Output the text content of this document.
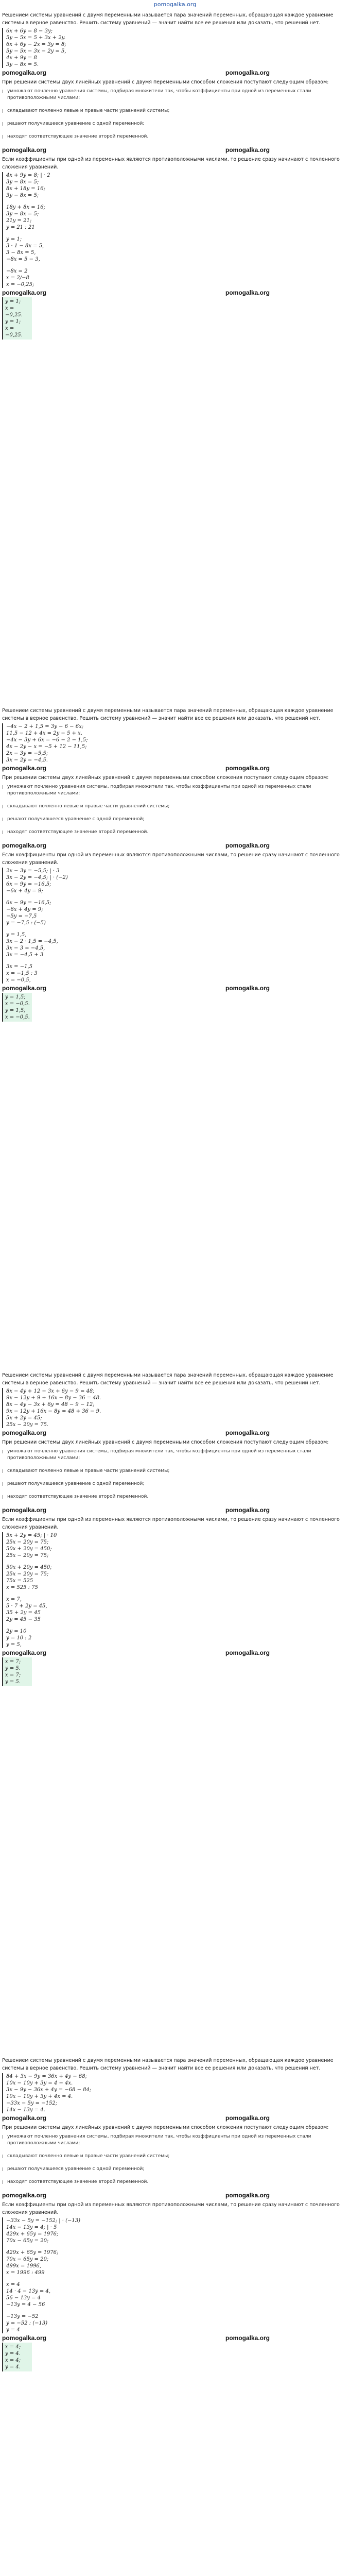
pomogalka.org

Решением системы уравнений с двумя переменными называется пара значений переменных, обращающая каждое уравнение системы в верное равенство. Решить систему уравнений — значит найти все ее решения или доказать, что решений нет.

6x + 6y = 8 − 3y;
5y − 5x = 5 + 3x + 2y.
6x + 6y − 2x = 3y = 8;
5y − 5x − 3x − 2y = 5,
4x + 9y = 8
3y − 8x = 5.
pomogalka.org	pomogalka.org

При решении системы двух линейных уравнений с двумя переменными способом сложения поступают следующим образом:

умножают почленно уравнения системы, подбирая множители так, чтобы коэффициенты при одной из переменных стали противоположными числами;
складывают почленно левые и правые части уравнений системы;
решают получившееся уравнение с одной переменной;
находят соответствующее значение второй переменной.
pomogalka.org	pomogalka.org

Если коэффициенты при одной из переменных являются противоположными числами, то решение сразу начинают с почленного сложения уравнений.

4x + 9y = 8; | · 2
3y − 8x = 5;
8x + 18y = 16;
3y − 8x = 5;
18y + 8x = 16;
3y − 8x = 5;
21y = 21;
y = 21 : 21
y = 1;
3 · 1 − 8x = 5,
3 − 8x = 5,
−8x = 5 − 3,
−8x = 2
x = 2/−8
x = −0,25;
pomogalka.org	pomogalka.org
y = 1;
x = −0,25.
y = 1;
x = −0,25.

Решением системы уравнений с двумя переменными называется пара значений переменных, обращающая каждое уравнение системы в верное равенство. Решить систему уравнений — значит найти все ее решения или доказать, что решений нет.

−4x − 2 + 1,5 = 3y − 6 − 6x;
11,5 − 12 + 4x = 2y − 5 + x.
−4x − 3y + 6x = −6 − 2 − 1,5;
4x − 2y − x = −5 + 12 − 11,5;
2x − 3y = −5,5;
3x − 2y = −4,5.
pomogalka.org	pomogalka.org

При решении системы двух линейных уравнений с двумя переменными способом сложения поступают следующим образом:

умножают почленно уравнения системы, подбирая множители так, чтобы коэффициенты при одной из переменных стали противоположными числами;
складывают почленно левые и правые части уравнений системы;
решают получившееся уравнение с одной переменной;
находят соответствующее значение второй переменной.
pomogalka.org	pomogalka.org

Если коэффициенты при одной из переменных являются противоположными числами, то решение сразу начинают с почленного сложения уравнений.

2x − 3y = −5,5; | · 3
3x − 2y = −4,5; | · (−2)
6x − 9y = −16,5;
−6x + 4y = 9;
6x − 9y = −16,5;
−6x + 4y = 9;
−5y = −7,5
y = −7,5 : (−5)
y = 1,5,
3x − 2 · 1,5 = −4,5,
3x − 3 = −4,5,
3x = −4,5 + 3
3x = −1,5
x = −1,5 : 3
x = −0,5,
pomogalka.org	pomogalka.org
y = 1,5;
x = −0,5.
y = 1,5;
x = −0,5.

Решением системы уравнений с двумя переменными называется пара значений переменных, обращающая каждое уравнение системы в верное равенство. Решить систему уравнений — значит найти все ее решения или доказать, что решений нет.

8x − 4y + 12 − 3x + 6y − 9 = 48;
9x − 12y + 9 + 16x − 8y − 36 = 48.
8x − 4y − 3x + 6y = 48 − 9 − 12;
9x − 12y + 16x − 8y = 48 + 36 − 9.
5x + 2y = 45;
25x − 20y = 75.
pomogalka.org	pomogalka.org

При решении системы двух линейных уравнений с двумя переменными способом сложения поступают следующим образом:

умножают почленно уравнения системы, подбирая множители так, чтобы коэффициенты при одной из переменных стали противоположными числами;
складывают почленно левые и правые части уравнений системы;
решают получившееся уравнение с одной переменной;
находят соответствующее значение второй переменной.
pomogalka.org	pomogalka.org

Если коэффициенты при одной из переменных являются противоположными числами, то решение сразу начинают с почленного сложения уравнений.

5x + 2y = 45; | · 10
25x − 20y = 75;
50x + 20y = 450;
25x − 20y = 75;
50x + 20y = 450;
25x − 20y = 75;
75x = 525
x = 525 : 75
x = 7,
5 · 7 + 2y = 45,
35 + 2y = 45
2y = 45 − 35
2y = 10
y = 10 : 2
y = 5,
pomogalka.org	pomogalka.org
x = 7;
y = 5.
x = 7;
y = 5.

Решением системы уравнений с двумя переменными называется пара значений переменных, обращающая каждое уравнение системы в верное равенство. Решить систему уравнений — значит найти все ее решения или доказать, что решений нет.

84 + 3x − 9y = 36x + 4y − 68;
10x − 10y + 3y = 4 − 4x.
3x − 9y − 36x + 4y = −68 − 84;
10x − 10y + 3y + 4x = 4.
−33x − 5y = −152;
14x − 13y = 4.
pomogalka.org	pomogalka.org

При решении системы двух линейных уравнений с двумя переменными способом сложения поступают следующим образом:

умножают почленно уравнения системы, подбирая множители так, чтобы коэффициенты при одной из переменных стали противоположными числами;
складывают почленно левые и правые части уравнений системы;
решают получившееся уравнение с одной переменной;
находят соответствующее значение второй переменной.
pomogalka.org	pomogalka.org

Если коэффициенты при одной из переменных являются противоположными числами, то решение сразу начинают с почленного сложения уравнений.

−33x − 5y = −152; | · (−13)
14x − 13y = 4; | · 5
429x + 65y = 1976;
70x − 65y = 20;
429x + 65y = 1976;
70x − 65y = 20;
499x = 1996,
x = 1996 : 499
x = 4
14 · 4 − 13y = 4,
56 − 13y = 4
−13y = 4 − 56
−13y = −52
y = −52 : (−13)
y = 4
pomogalka.org	pomogalka.org
x = 4;
y = 4.
x = 4;
y = 4.
